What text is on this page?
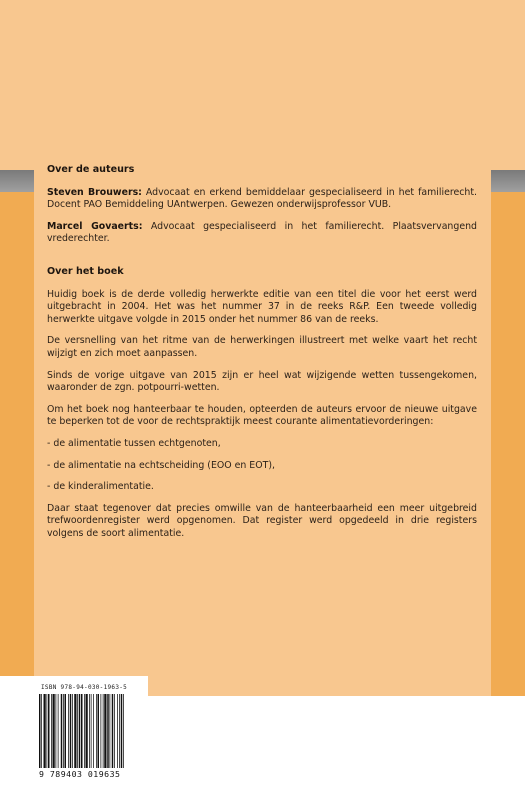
Over de auteurs

Steven Brouwers: Advocaat en erkend bemiddelaar gespecialiseerd in het familierecht. Docent PAO Bemiddeling UAntwerpen. Gewezen onderwijsprofessor VUB.

Marcel Govaerts: Advocaat gespecialiseerd in het familierecht. Plaatsvervangend vrederechter.

Over het boek

Huidig boek is de derde volledig herwerkte editie van een titel die voor het eerst werd uitgebracht in 2004. Het was het nummer 37 in de reeks R&P. Een tweede volledig herwerkte uitgave volgde in 2015 onder het nummer 86 van de reeks.

De versnelling van het ritme van de herwerkingen illustreert met welke vaart het recht wijzigt en zich moet aanpassen.

Sinds de vorige uitgave van 2015 zijn er heel wat wijzigende wetten tussengekomen, waaronder de zgn. potpourri-wetten.

Om het boek nog hanteerbaar te houden, opteerden de auteurs ervoor de nieuwe uitgave te beperken tot de voor de rechtspraktijk meest courante alimentatievorderingen:

- de alimentatie tussen echtgenoten,

- de alimentatie na echtscheiding (EOO en EOT),

- de kinderalimentatie.

Daar staat tegenover dat precies omwille van de hanteerbaarheid een meer uitgebreid trefwoordenregister werd opgenomen. Dat register werd opgedeeld in drie registers volgens de soort alimentatie.

ISBN 978-94-030-1963-5
9 789403 019635
